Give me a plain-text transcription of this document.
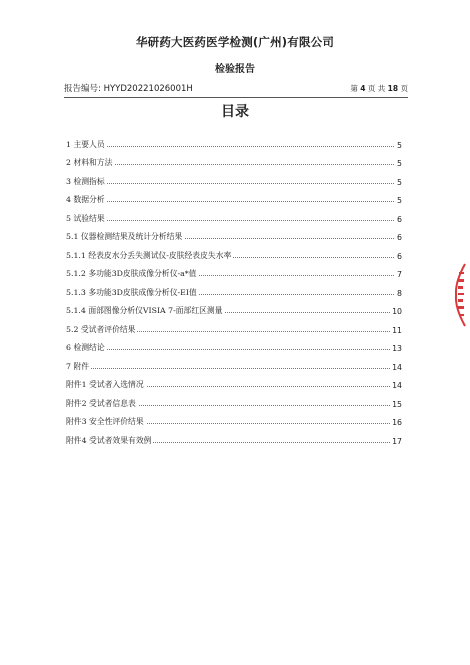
华研药大医药医学检测(广州)有限公司
检验报告
报告编号: HYYD20221026001H	第 4 页 共 18 页
目录
1 主要人员	5
2 材料和方法	5
3 检测指标	5
4 数据分析	5
5 试验结果	6
5.1 仪器检测结果及统计分析结果	6
5.1.1 经表皮水分丢失测试仪-皮肤经表皮失水率	6
5.1.2 多功能3D皮肤成像分析仪-a*值	7
5.1.3 多功能3D皮肤成像分析仪-EI值	8
5.1.4 面部图像分析仪VISIA 7-面部红区测量	10
5.2 受试者评价结果	11
6 检测结论	13
7 附件	14
附件1 受试者入选情况	14
附件2 受试者信息表	15
附件3 安全性评价结果	16
附件4 受试者效果有效例	17
